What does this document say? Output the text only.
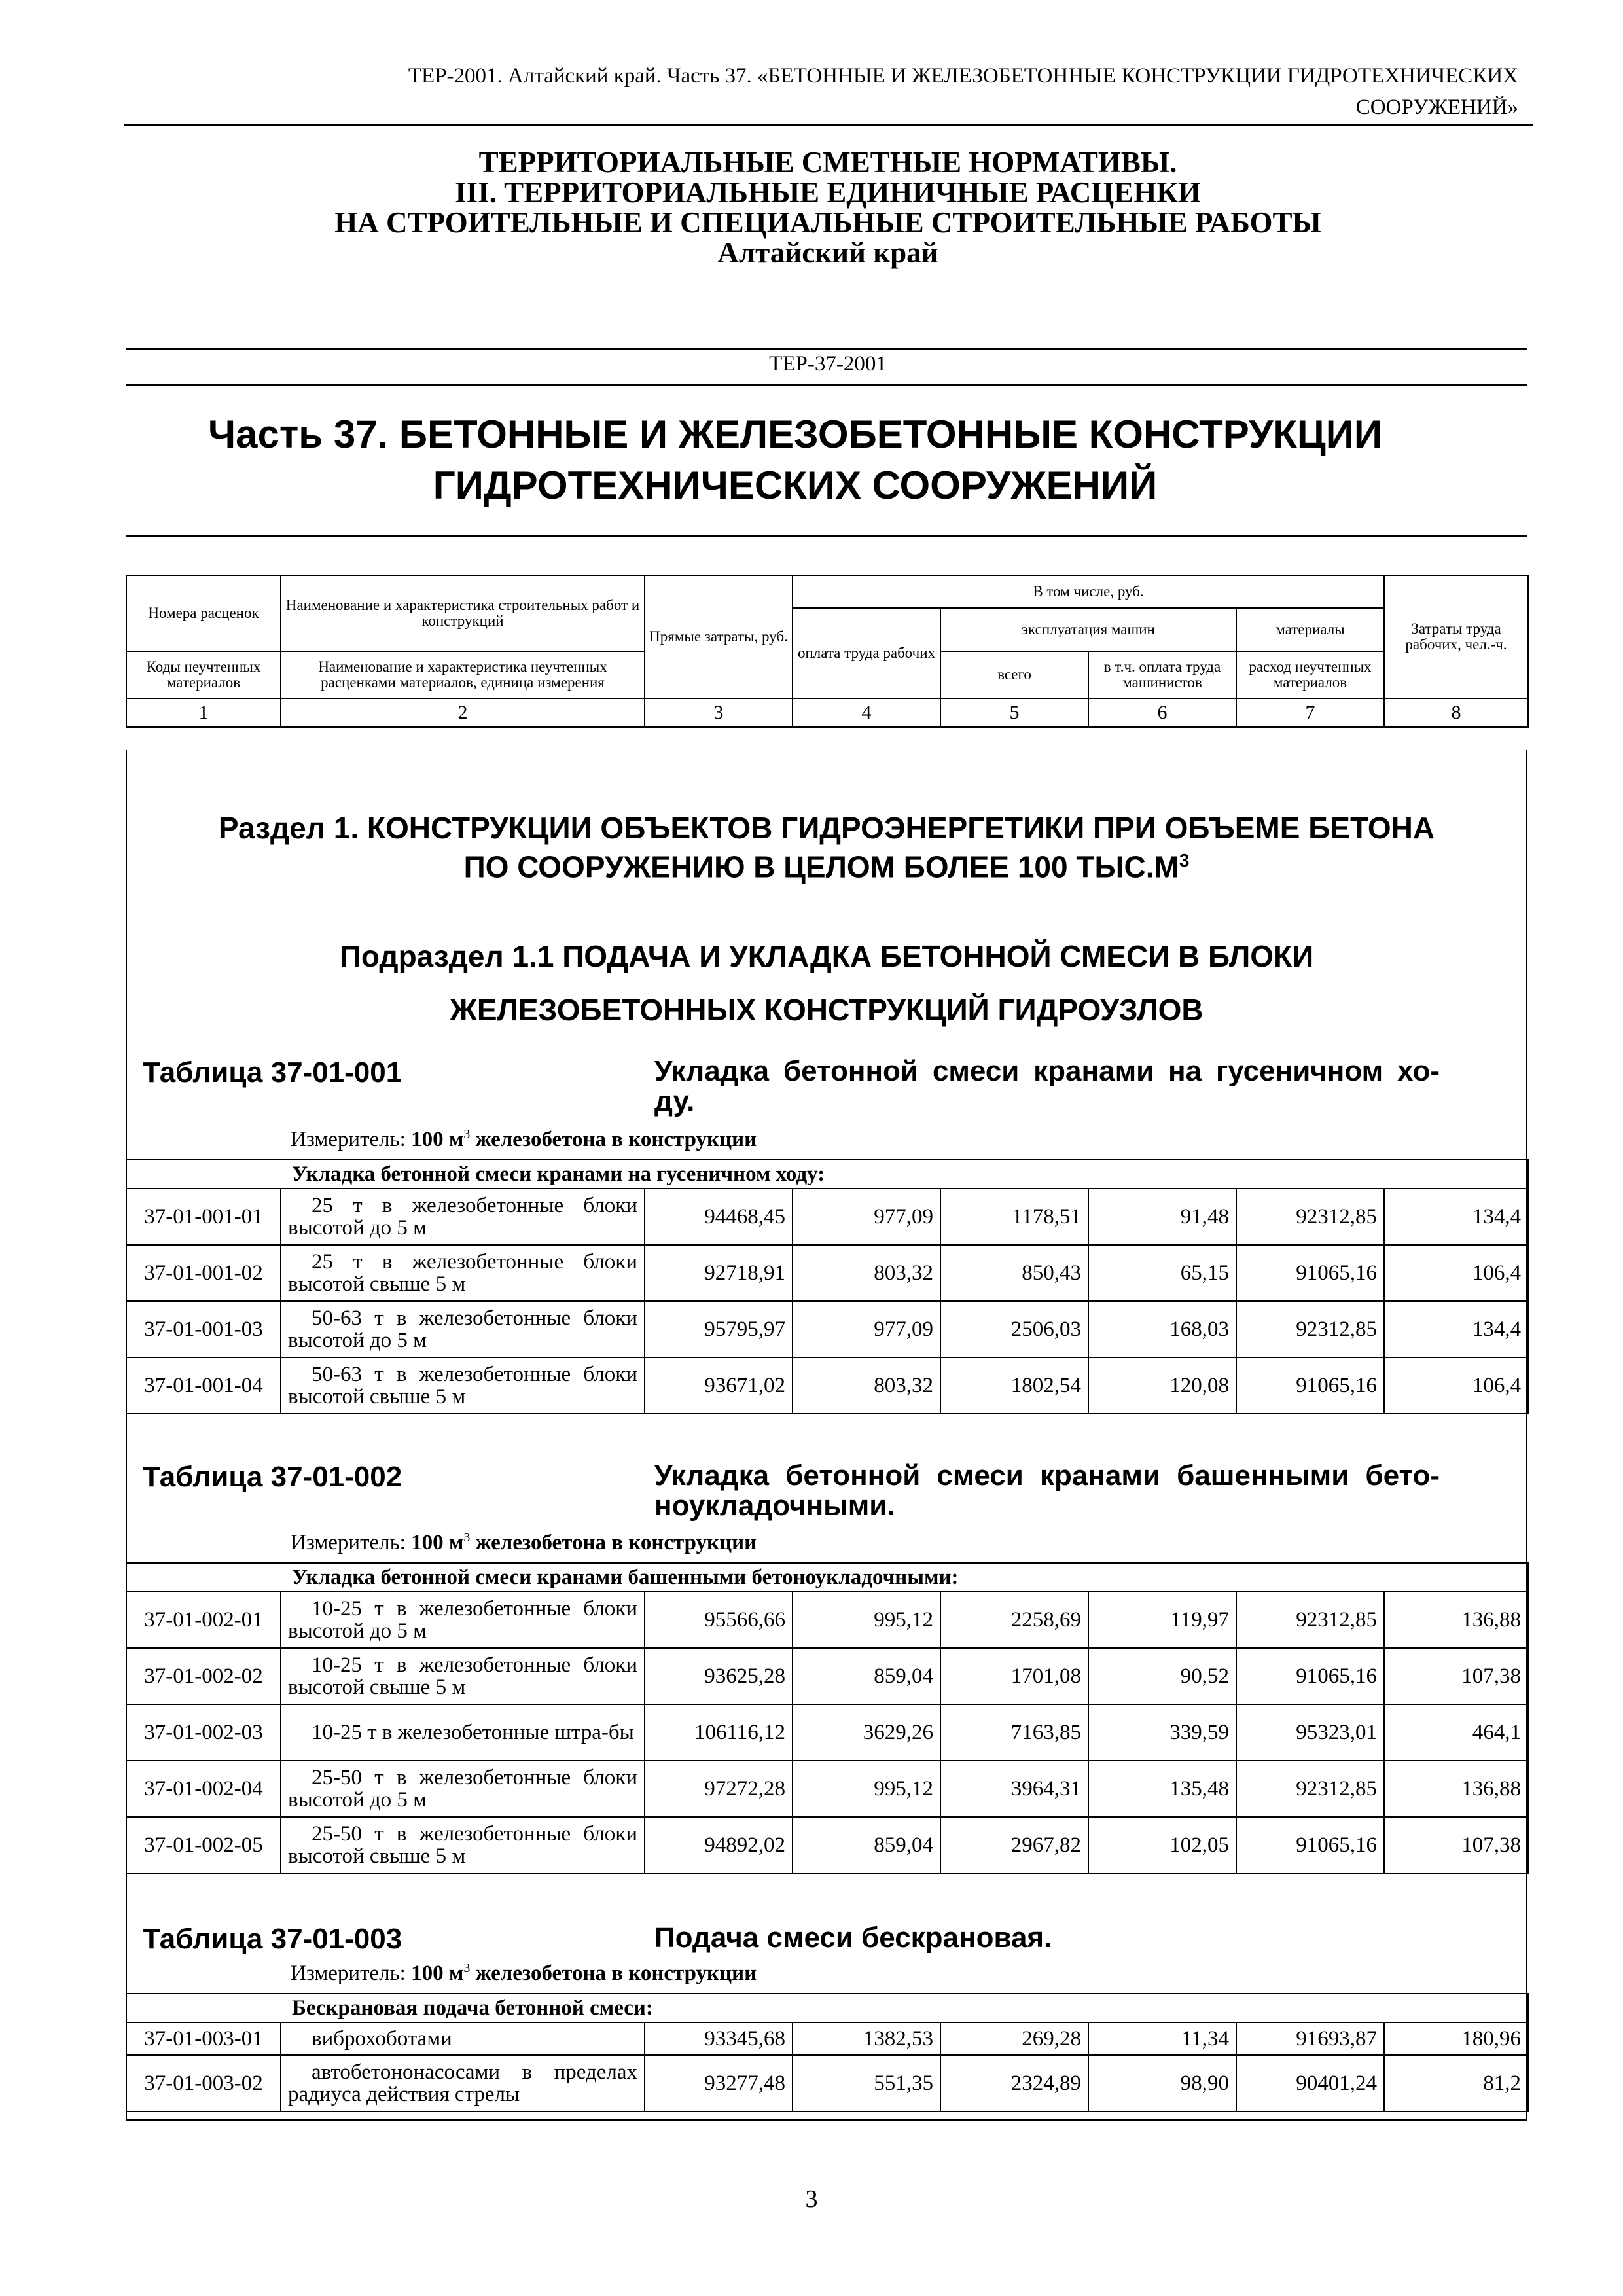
ТЕР-2001. Алтайский край. Часть 37. «БЕТОННЫЕ И ЖЕЛЕЗОБЕТОННЫЕ КОНСТРУКЦИИ ГИДРОТЕХНИЧЕСКИХ
СООРУЖЕНИЙ»
ТЕРРИТОРИАЛЬНЫЕ СМЕТНЫЕ НОРМАТИВЫ.
III. ТЕРРИТОРИАЛЬНЫЕ ЕДИНИЧНЫЕ РАСЦЕНКИ
НА СТРОИТЕЛЬНЫЕ И СПЕЦИАЛЬНЫЕ СТРОИТЕЛЬНЫЕ РАБОТЫ
Алтайский край
ТЕР-37-2001
Часть 37. БЕТОННЫЕ И ЖЕЛЕЗОБЕТОННЫЕ КОНСТРУКЦИИ
ГИДРОТЕХНИЧЕСКИХ СООРУЖЕНИЙ
Номера расценок	Наименование и характеристика строительных работ и конструкций	Прямые затраты, руб.	В том числе, руб.				Затраты труда рабочих, чел.-ч.
			оплата труда рабочих	эксплуатация машин		материалы	
Коды неучтенных материалов	Наименование и характеристика неучтенных расценками материалов, единица измерения			всего	в т.ч. оплата труда машинистов	расход неучтенных материалов	

1	2	3	4	5	6	7	8
Раздел 1. КОНСТРУКЦИИ ОБЪЕКТОВ ГИДРОЭНЕРГЕТИКИ ПРИ ОБЪЕМЕ БЕТОНА
ПО СООРУЖЕНИЮ В ЦЕЛОМ БОЛЕЕ 100 $ТЫС.М^3$
Подраздел 1.1 ПОДАЧА И УКЛАДКА БЕТОННОЙ СМЕСИ В БЛОКИ
ЖЕЛЕЗОБЕТОННЫХ КОНСТРУКЦИЙ ГИДРОУЗЛОВ
Таблица 37-01-001	Укладка бетонной смеси кранами на гусеничном хо-ду.
Измеритель: 100 $м^3$ железобетона в конструкции
Укладка бетонной смеси кранами на гусеничном ходу:							
37-01-001-01	25 т в железобетонные блоки высотой до 5 м	94468,45	977,09	1178,51	91,48	92312,85	134,4
37-01-001-02	25 т в железобетонные блоки высотой свыше 5 м	92718,91	803,32	850,43	65,15	91065,16	106,4
37-01-001-03	50-63 т в железобетонные блоки высотой до 5 м	95795,97	977,09	2506,03	168,03	92312,85	134,4
37-01-001-04	50-63 т в железобетонные блоки высотой свыше 5 м	93671,02	803,32	1802,54	120,08	91065,16	106,4
Таблица 37-01-002	Укладка бетонной смеси кранами башенными бето-ноукладочными.
Измеритель: 100 $м^3$ железобетона в конструкции
Укладка бетонной смеси кранами башенными бетоноукладочными:							
37-01-002-01	10-25 т в железобетонные блоки высотой до 5 м	95566,66	995,12	2258,69	119,97	92312,85	136,88
37-01-002-02	10-25 т в железобетонные блоки высотой свыше 5 м	93625,28	859,04	1701,08	90,52	91065,16	107,38
37-01-002-03	10-25 т в железобетонные штра-бы	106116,12	3629,26	7163,85	339,59	95323,01	464,1
37-01-002-04	25-50 т в железобетонные блоки высотой до 5 м	97272,28	995,12	3964,31	135,48	92312,85	136,88
37-01-002-05	25-50 т в железобетонные блоки высотой свыше 5 м	94892,02	859,04	2967,82	102,05	91065,16	107,38
Таблица 37-01-003	Подача смеси бескрановая.
Измеритель: 100 $м^3$ железобетона в конструкции
Бескрановая подача бетонной смеси:							
37-01-003-01	виброхоботами	93345,68	1382,53	269,28	11,34	91693,87	180,96
37-01-003-02	автобетононасосами в пределах радиуса действия стрелы	93277,48	551,35	2324,89	98,90	90401,24	81,2
3
